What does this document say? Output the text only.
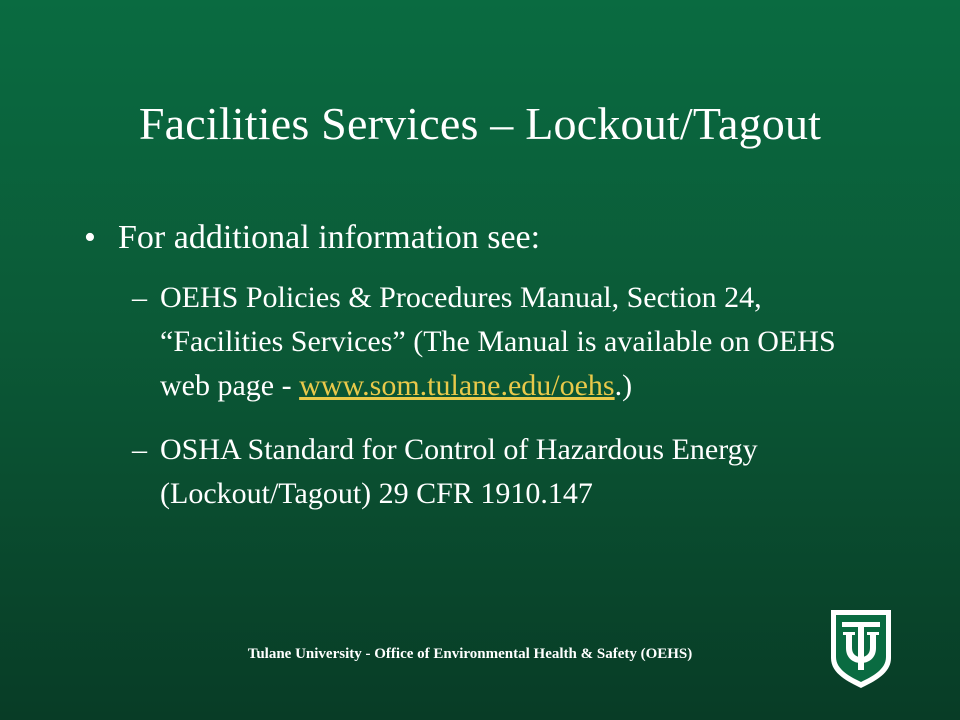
Facilities Services – Lockout/Tagout
• For additional information see:
– OEHS Policies & Procedures Manual, Section 24, “Facilities Services” (The Manual is available on OEHS web page - www.som.tulane.edu/oehs.)
– OSHA Standard for Control of Hazardous Energy (Lockout/Tagout) 29 CFR 1910.147
Tulane University - Office of Environmental Health & Safety (OEHS)
